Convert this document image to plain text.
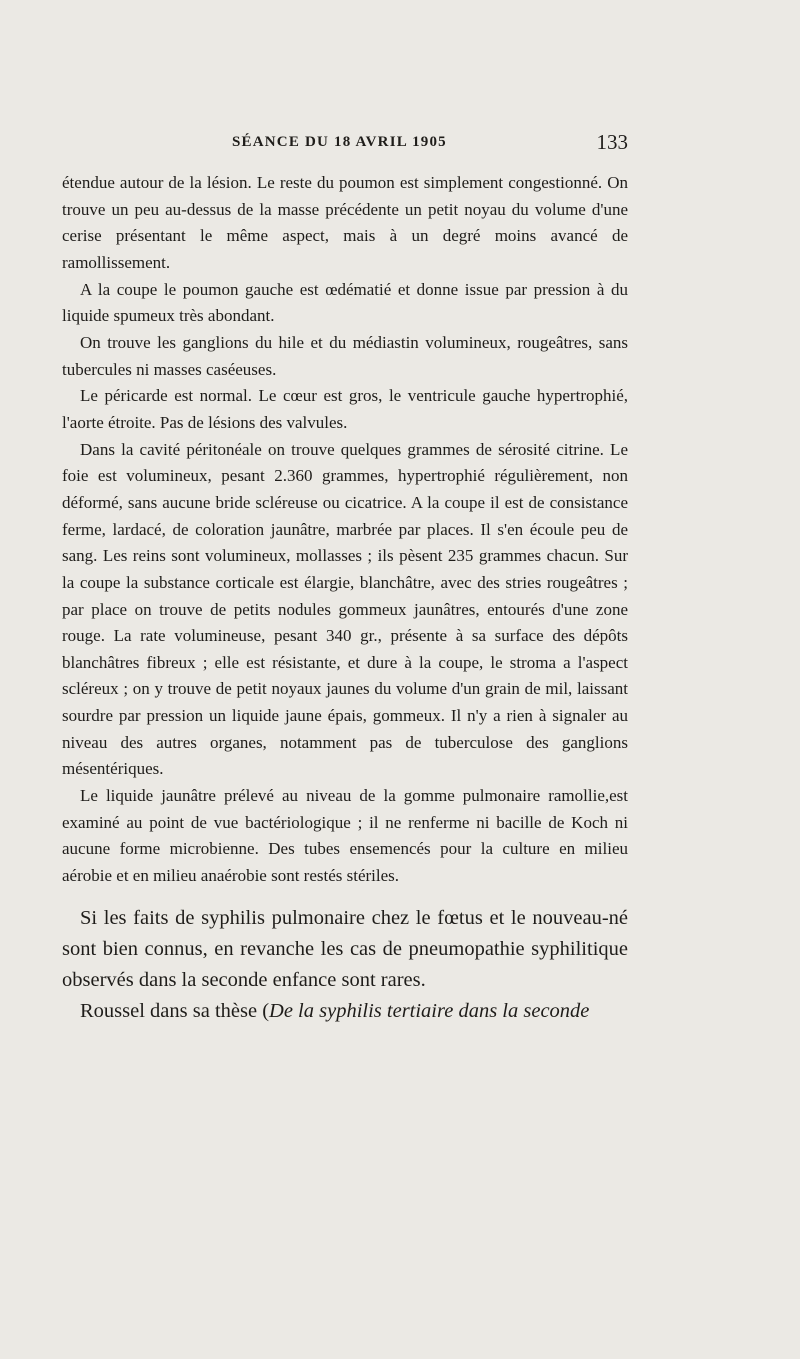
SÉANCE DU 18 AVRIL 1905	133

étendue autour de la lésion. Le reste du poumon est simplement congestionné. On trouve un peu au-dessus de la masse précédente un petit noyau du volume d'une cerise présentant le même aspect, mais à un degré moins avancé de ramollissement.

A la coupe le poumon gauche est œdématié et donne issue par pression à du liquide spumeux très abondant.

On trouve les ganglions du hile et du médiastin volumineux, rougeâtres, sans tubercules ni masses caséeuses.

Le péricarde est normal. Le cœur est gros, le ventricule gauche hypertrophié, l'aorte étroite. Pas de lésions des valvules.

Dans la cavité péritonéale on trouve quelques grammes de sérosité citrine. Le foie est volumineux, pesant 2.360 grammes, hypertrophié régulièrement, non déformé, sans aucune bride scléreuse ou cicatrice. A la coupe il est de consistance ferme, lardacé, de coloration jaunâtre, marbrée par places. Il s'en écoule peu de sang. Les reins sont volumineux, mollasses ; ils pèsent 235 grammes chacun. Sur la coupe la substance corticale est élargie, blanchâtre, avec des stries rougeâtres ; par place on trouve de petits nodules gommeux jaunâtres, entourés d'une zone rouge. La rate volumineuse, pesant 340 gr., présente à sa surface des dépôts blanchâtres fibreux ; elle est résistante, et dure à la coupe, le stroma a l'aspect scléreux ; on y trouve de petit noyaux jaunes du volume d'un grain de mil, laissant sourdre par pression un liquide jaune épais, gommeux. Il n'y a rien à signaler au niveau des autres organes, notamment pas de tuberculose des ganglions mésentériques.

Le liquide jaunâtre prélevé au niveau de la gomme pulmonaire ramollie,est examiné au point de vue bactériologique ; il ne renferme ni bacille de Koch ni aucune forme microbienne. Des tubes ensemencés pour la culture en milieu aérobie et en milieu anaérobie sont restés stériles.

Si les faits de syphilis pulmonaire chez le fœtus et le nouveau-né sont bien connus, en revanche les cas de pneumopathie syphilitique observés dans la seconde enfance sont rares.

Roussel dans sa thèse (De la syphilis tertiaire dans la seconde
